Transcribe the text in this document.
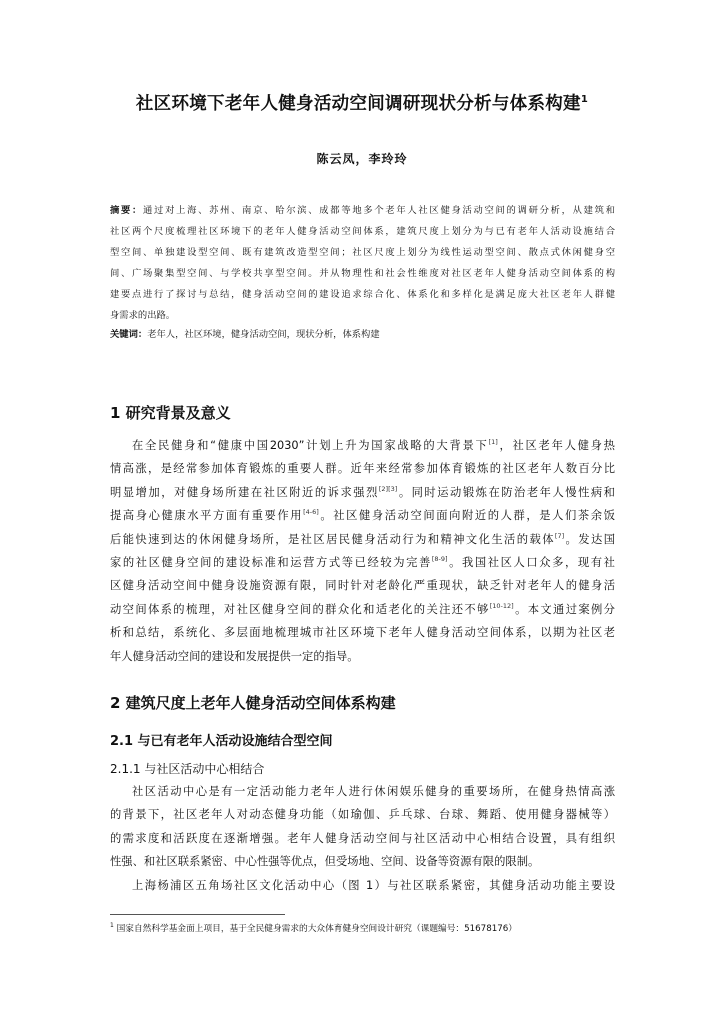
社区环境下老年人健身活动空间调研现状分析与体系构建$^1$
陈云凤，李玲玲
摘要：通过对上海、苏州、南京、哈尔滨、成都等地多个老年人社区健身活动空间的调研分析，从建筑和
社区两个尺度梳理社区环境下的老年人健身活动空间体系，建筑尺度上划分为与已有老年人活动设施结合
型空间、单独建设型空间、既有建筑改造型空间；社区尺度上划分为线性运动型空间、散点式休闲健身空
间、广场聚集型空间、与学校共享型空间。并从物理性和社会性维度对社区老年人健身活动空间体系的构
建要点进行了探讨与总结，健身活动空间的建设追求综合化、体系化和多样化是满足庞大社区老年人群健
身需求的出路。
关键词：老年人，社区环境，健身活动空间，现状分析，体系构建
1 研究背景及意义
在全民健身和“健康中国2030”计划上升为国家战略的大背景下[1]，社区老年人健身热
情高涨，是经常参加体育锻炼的重要人群。近年来经常参加体育锻炼的社区老年人数百分比
明显增加，对健身场所建在社区附近的诉求强烈[2][3]。同时运动锻炼在防治老年人慢性病和
提高身心健康水平方面有重要作用[4-6]。社区健身活动空间面向附近的人群，是人们茶余饭
后能快速到达的休闲健身场所，是社区居民健身活动行为和精神文化生活的载体[7]。发达国
家的社区健身空间的建设标准和运营方式等已经较为完善[8-9]。我国社区人口众多，现有社
区健身活动空间中健身设施资源有限，同时针对老龄化严重现状，缺乏针对老年人的健身活
动空间体系的梳理，对社区健身空间的群众化和适老化的关注还不够[10-12]。本文通过案例分
析和总结，系统化、多层面地梳理城市社区环境下老年人健身活动空间体系，以期为社区老
年人健身活动空间的建设和发展提供一定的指导。
2 建筑尺度上老年人健身活动空间体系构建
2.1 与已有老年人活动设施结合型空间
2.1.1 与社区活动中心相结合
社区活动中心是有一定活动能力老年人进行休闲娱乐健身的重要场所，在健身热情高涨
的背景下，社区老年人对动态健身功能（如瑜伽、乒乓球、台球、舞蹈、使用健身器械等）
的需求度和活跃度在逐渐增强。老年人健身活动空间与社区活动中心相结合设置，具有组织
性强、和社区联系紧密、中心性强等优点，但受场地、空间、设备等资源有限的限制。
上海杨浦区五角场社区文化活动中心（图 1）与社区联系紧密，其健身活动功能主要设
$^1$ 国家自然科学基金面上项目，基于全民健身需求的大众体育健身空间设计研究（课题编号：51678176）
